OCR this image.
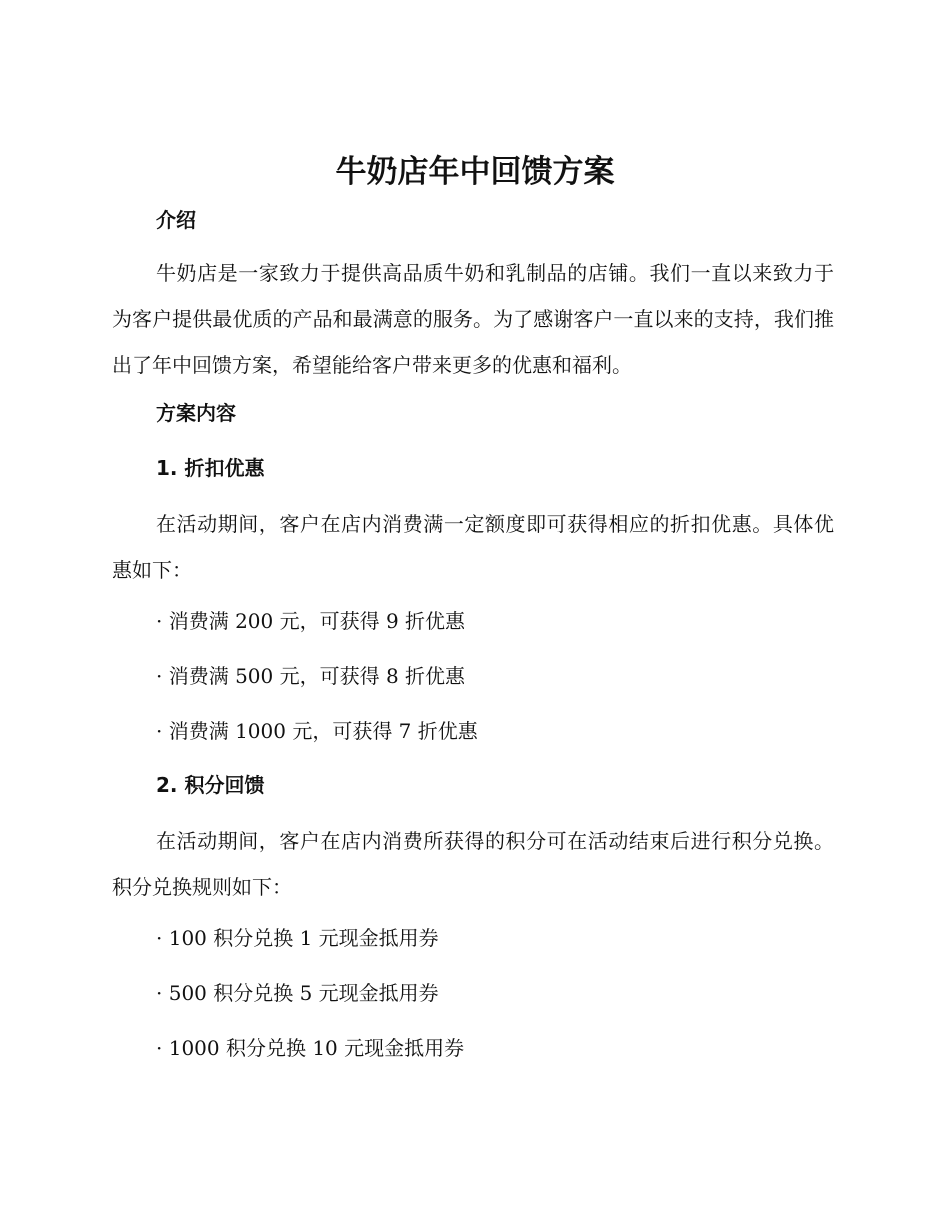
牛奶店年中回馈方案
介绍

牛奶店是一家致力于提供高品质牛奶和乳制品的店铺。我们一直以来致力于为客户提供最优质的产品和最满意的服务。为了感谢客户一直以来的支持，我们推出了年中回馈方案，希望能给客户带来更多的优惠和福利。

方案内容
1. 折扣优惠

在活动期间，客户在店内消费满一定额度即可获得相应的折扣优惠。具体优惠如下：

· 消费满 200 元，可获得 9 折优惠
· 消费满 500 元，可获得 8 折优惠
· 消费满 1000 元，可获得 7 折优惠
2. 积分回馈

在活动期间，客户在店内消费所获得的积分可在活动结束后进行积分兑换。积分兑换规则如下：

· 100 积分兑换 1 元现金抵用券
· 500 积分兑换 5 元现金抵用券
· 1000 积分兑换 10 元现金抵用券
